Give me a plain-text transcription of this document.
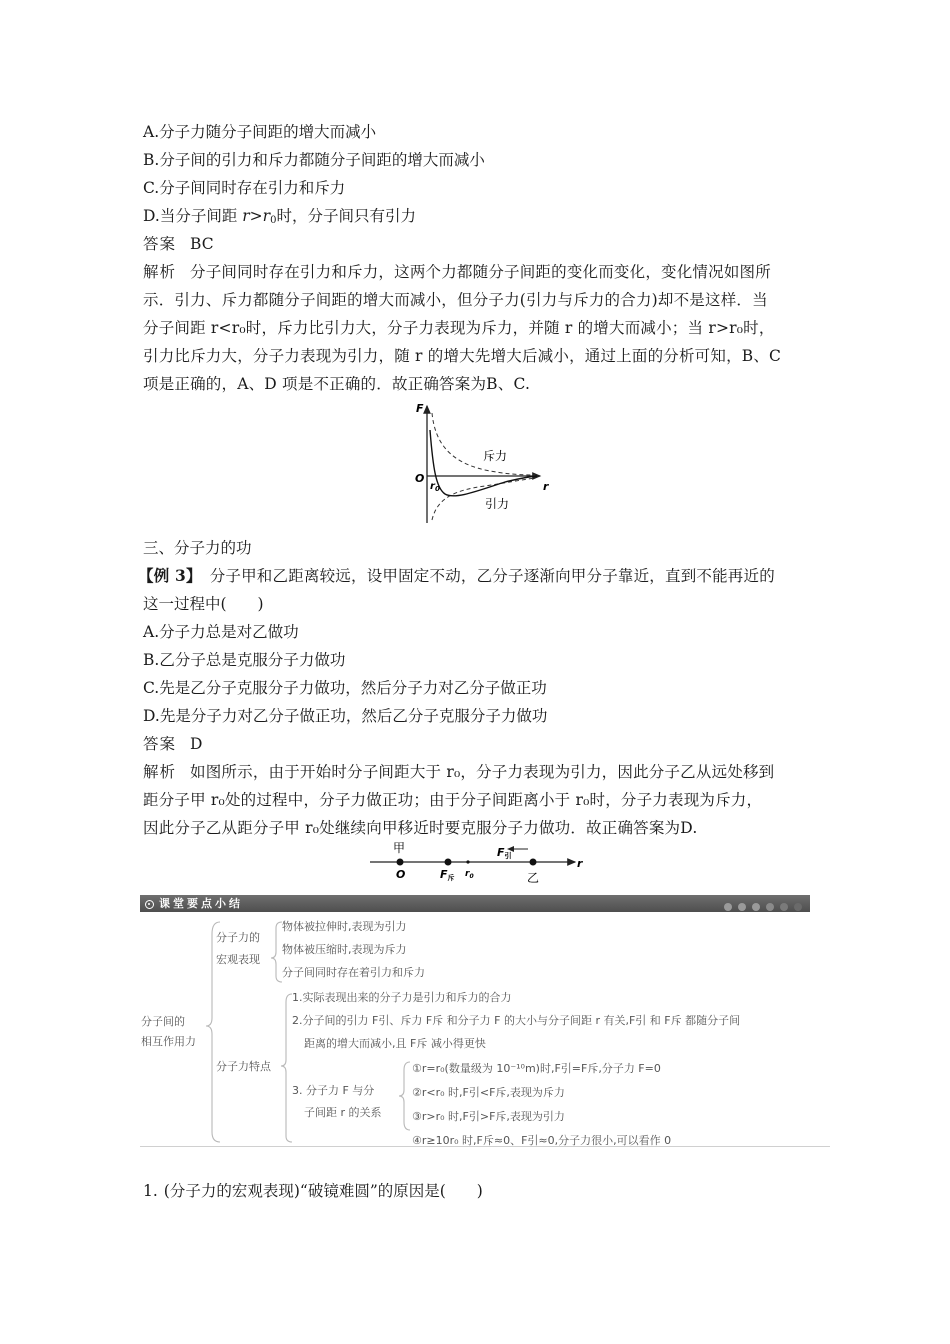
A.分子力随分子间距的增大而减小
B.分子间的引力和斥力都随分子间距的增大而减小
C.分子间同时存在引力和斥力
D.当分子间距 $r>r_0$时，分子间只有引力
答案 BC
解析 分子间同时存在引力和斥力，这两个力都随分子间距的变化而变化，变化情况如图所
示．引力、斥力都随分子间距的增大而减小，但分子力(引力与斥力的合力)却不是这样．当
分子间距 r<r₀时，斥力比引力大，分子力表现为斥力，并随 r 的增大而减小；当 r>r₀时，
引力比斥力大，分子力表现为引力，随 r 的增大先增大后减小，通过上面的分析可知，B、C
项是正确的，A、D 项是不正确的．故正确答案为B、C.
F
r
O
$r_0$
斥力
引力
三、分子力的功
【例 3】 分子甲和乙距离较远，设甲固定不动，乙分子逐渐向甲分子靠近，直到不能再近的
这一过程中(　　)
A.分子力总是对乙做功
B.乙分子总是克服分子力做功
C.先是乙分子克服分子力做功，然后分子力对乙分子做正功
D.先是分子力对乙分子做正功，然后乙分子克服分子力做功
答案 D
解析 如图所示，由于开始时分子间距大于 r₀，分子力表现为引力，因此分子乙从远处移到
距分子甲 r₀处的过程中，分子力做正功；由于分子间距离小于 r₀时，分子力表现为斥力，
因此分子乙从距分子甲 r₀处继续向甲移近时要克服分子力做功．故正确答案为D.
甲
O	F斥 $r_0$
F引
乙
r
课堂要点小结
分子间的
相互作用力
分子力的
宏观表现
物体被拉伸时,表现为引力
物体被压缩时,表现为斥力
分子间同时存在着引力和斥力
分子力特点
1.实际表现出来的分子力是引力和斥力的合力
2.分子间的引力 F引、斥力 F斥 和分子力 F 的大小与分子间距 r 有关,F引 和 F斥 都随分子间
距离的增大而减小,且 F斥 减小得更快
3. 分子力 F 与分
子间距 r 的关系
①r=r₀(数量级为 10⁻¹⁰m)时,F引=F斥,分子力 F=0
②r<r₀ 时,F引<F斥,表现为斥力
③r>r₀ 时,F引>F斥,表现为引力
④r≥10r₀ 时,F斥≈0、F引≈0,分子力很小,可以看作 0
1. (分子力的宏观表现)“破镜难圆”的原因是(　　)
